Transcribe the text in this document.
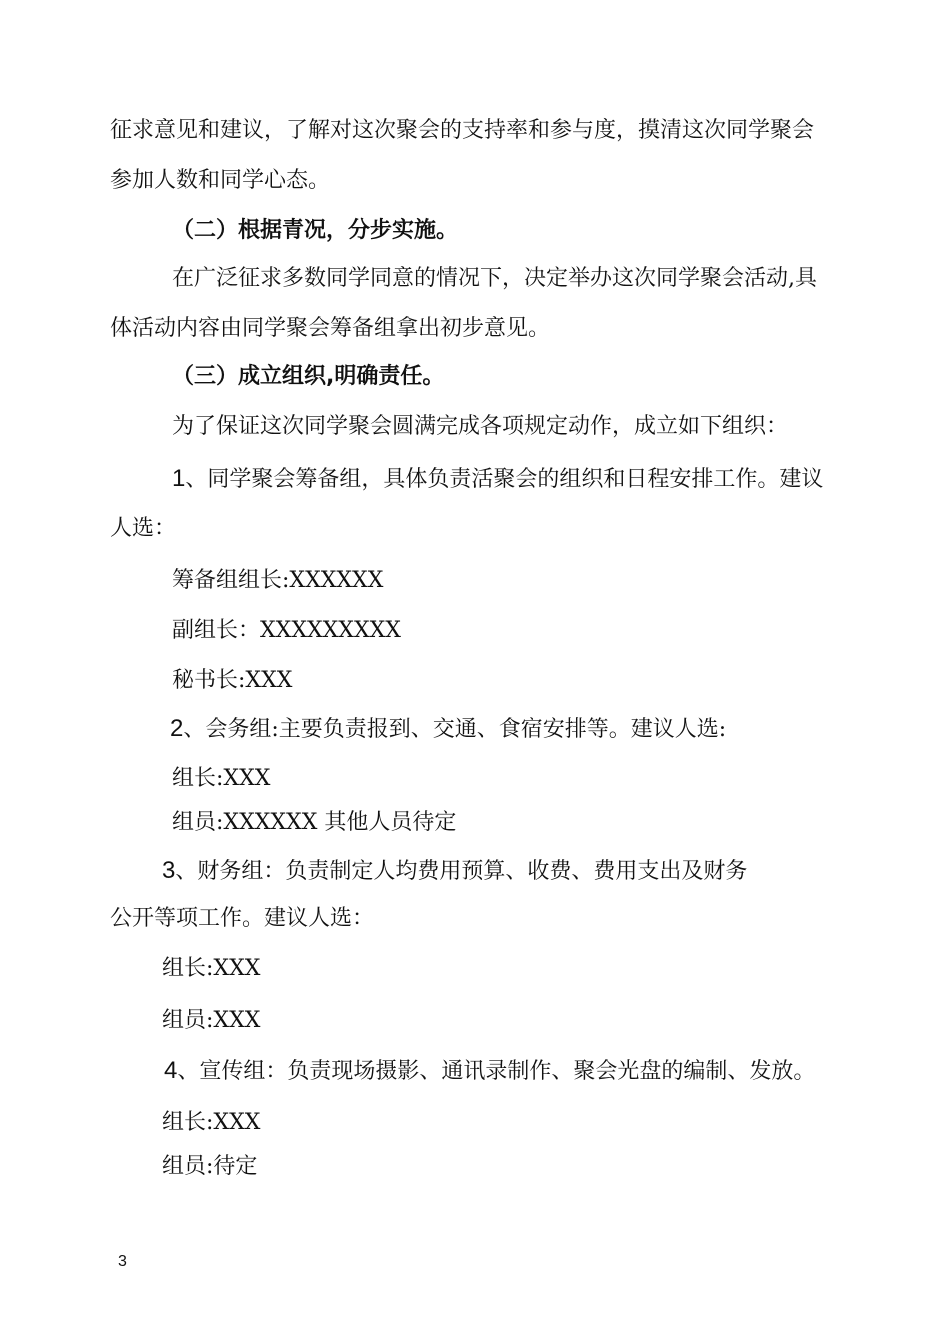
征求意见和建议，了解对这次聚会的支持率和参与度，摸清这次同学聚会
参加人数和同学心态。
（二）根据青况，分步实施。
在广泛征求多数同学同意的情况下，决定举办这次同学聚会活动,具
体活动内容由同学聚会筹备组拿出初步意见。
（三）成立组织,明确责任。
为了保证这次同学聚会圆满完成各项规定动作，成立如下组织：
1、同学聚会筹备组，具体负责活聚会的组织和日程安排工作。建议
人选：
筹备组组长:XXXXXX
副组长：XXXXXXXXX
秘书长:XXX
2、会务组:主要负责报到、交通、食宿安排等。建议人选:
组长:XXX
组员:XXXXXX 其他人员待定
3、财务组：负责制定人均费用预算、收费、费用支出及财务
公开等项工作。建议人选：
组长:XXX
组员:XXX
4、宣传组：负责现场摄影、通讯录制作、聚会光盘的编制、发放。
组长:XXX
组员:待定
3
